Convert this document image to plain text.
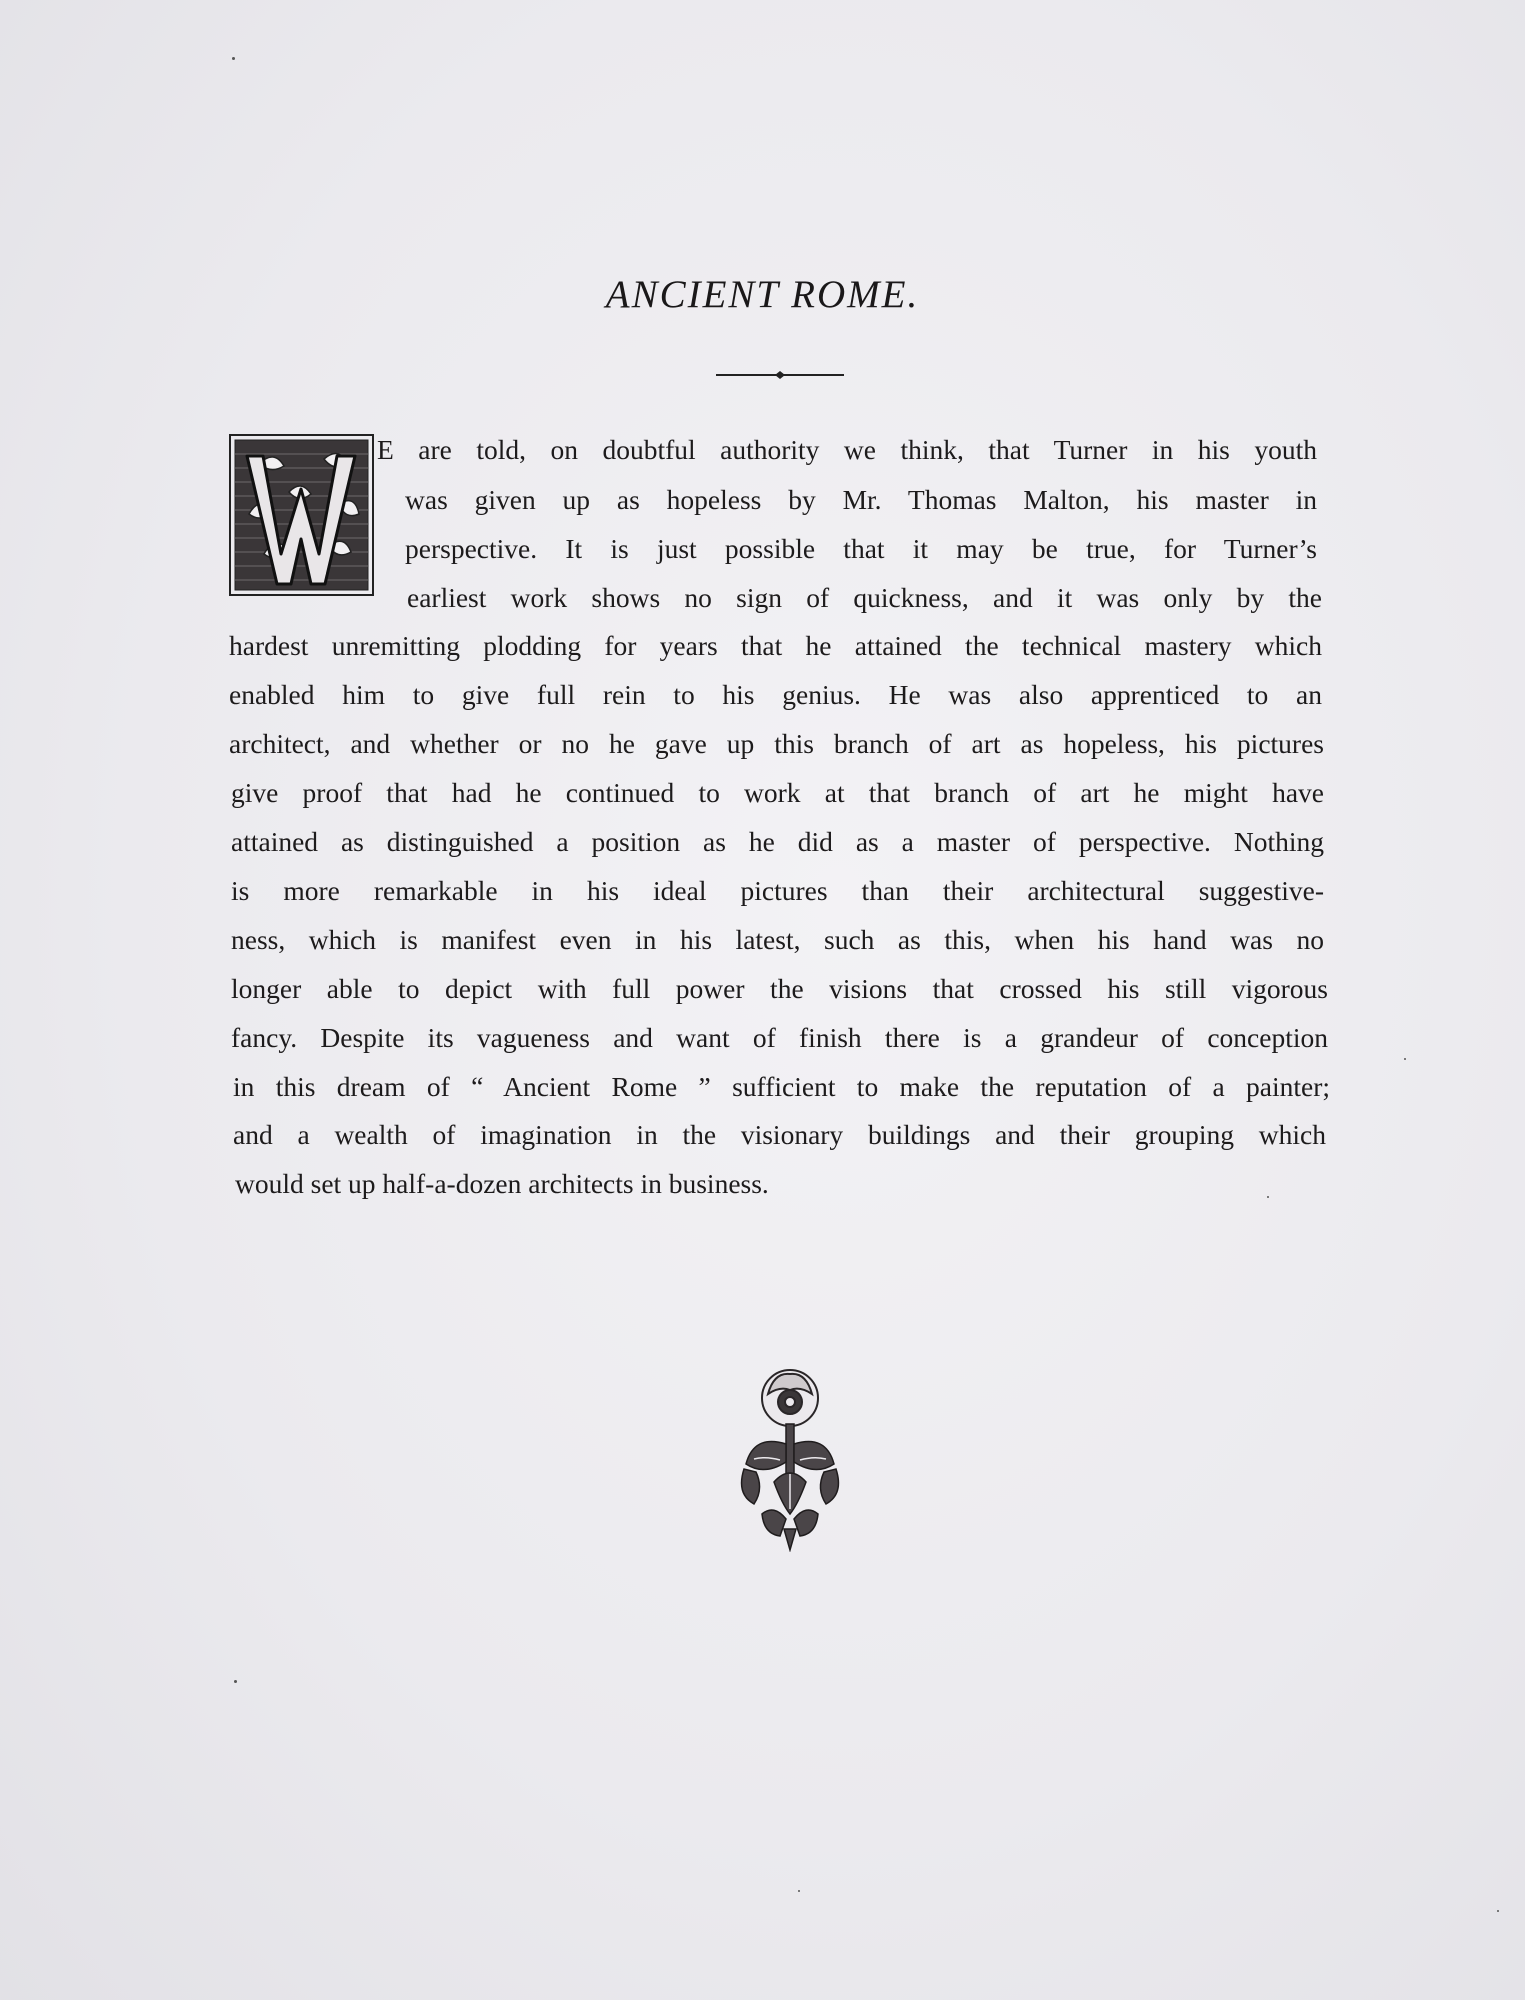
ANCIENT ROME.
W
E are told, on doubtful authority we think, that Turner in his youth
was given up as hopeless by Mr. Thomas Malton, his master in
perspective. It is just possible that it may be true, for Turner’s
earliest work shows no sign of quickness, and it was only by the
hardest unremitting plodding for years that he attained the technical mastery which
enabled him to give full rein to his genius. He was also apprenticed to an
architect, and whether or no he gave up this branch of art as hopeless, his pictures
give proof that had he continued to work at that branch of art he might have
attained as distinguished a position as he did as a master of perspective. Nothing
is more remarkable in his ideal pictures than their architectural suggestive-
ness, which is manifest even in his latest, such as this, when his hand was no
longer able to depict with full power the visions that crossed his still vigorous
fancy. Despite its vagueness and want of finish there is a grandeur of conception
in this dream of “ Ancient Rome ” sufficient to make the reputation of a painter;
and a wealth of imagination in the visionary buildings and their grouping which
would set up half-a-dozen architects in business.
